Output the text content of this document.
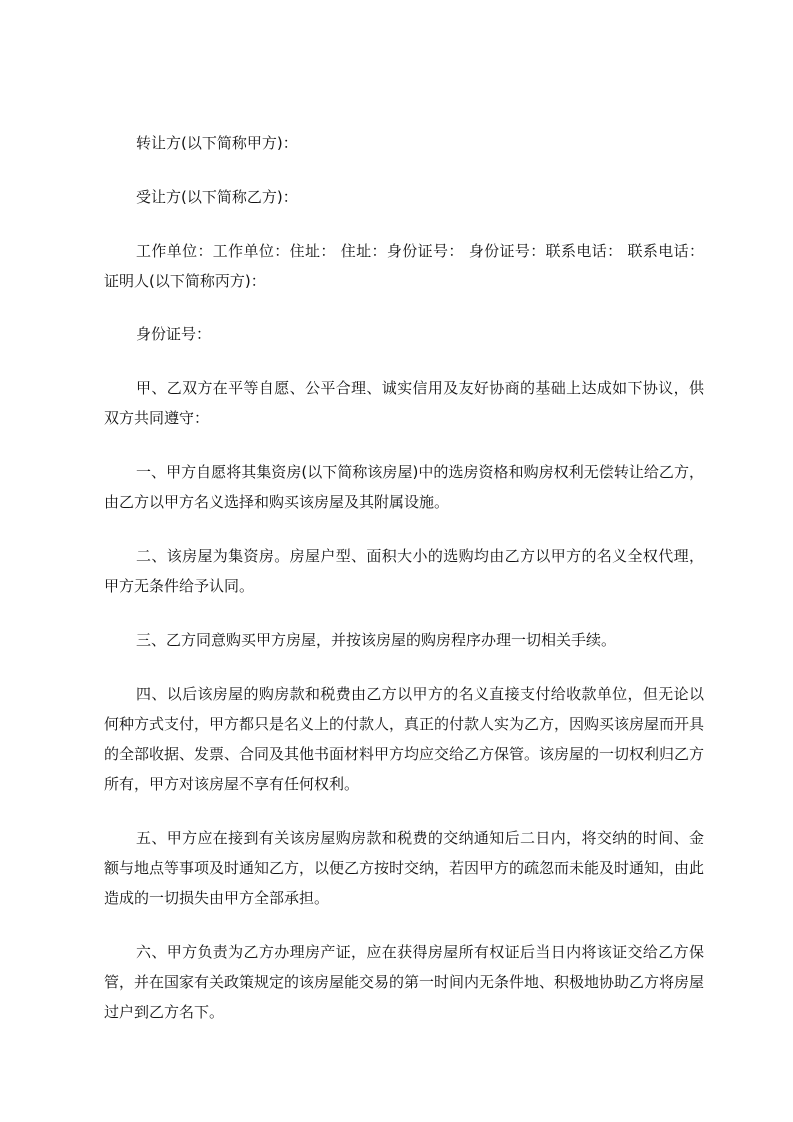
转让方(以下简称甲方)：

受让方(以下简称乙方)：

工作单位：工作单位：住址： 住址：身份证号： 身份证号：联系电话： 联系电话： 证明人(以下简称丙方)：

身份证号：

甲、乙双方在平等自愿、公平合理、诚实信用及友好协商的基础上达成如下协议，供双方共同遵守：

一、甲方自愿将其集资房(以下简称该房屋)中的选房资格和购房权利无偿转让给乙方，由乙方以甲方名义选择和购买该房屋及其附属设施。

二、该房屋为集资房。房屋户型、面积大小的选购均由乙方以甲方的名义全权代理，甲方无条件给予认同。

三、乙方同意购买甲方房屋，并按该房屋的购房程序办理一切相关手续。

四、以后该房屋的购房款和税费由乙方以甲方的名义直接支付给收款单位，但无论以何种方式支付，甲方都只是名义上的付款人，真正的付款人实为乙方，因购买该房屋而开具的全部收据、发票、合同及其他书面材料甲方均应交给乙方保管。该房屋的一切权利归乙方所有，甲方对该房屋不享有任何权利。

五、甲方应在接到有关该房屋购房款和税费的交纳通知后二日内，将交纳的时间、金额与地点等事项及时通知乙方，以便乙方按时交纳，若因甲方的疏忽而未能及时通知，由此造成的一切损失由甲方全部承担。

六、甲方负责为乙方办理房产证，应在获得房屋所有权证后当日内将该证交给乙方保管，并在国家有关政策规定的该房屋能交易的第一时间内无条件地、积极地协助乙方将房屋过户到乙方名下。
